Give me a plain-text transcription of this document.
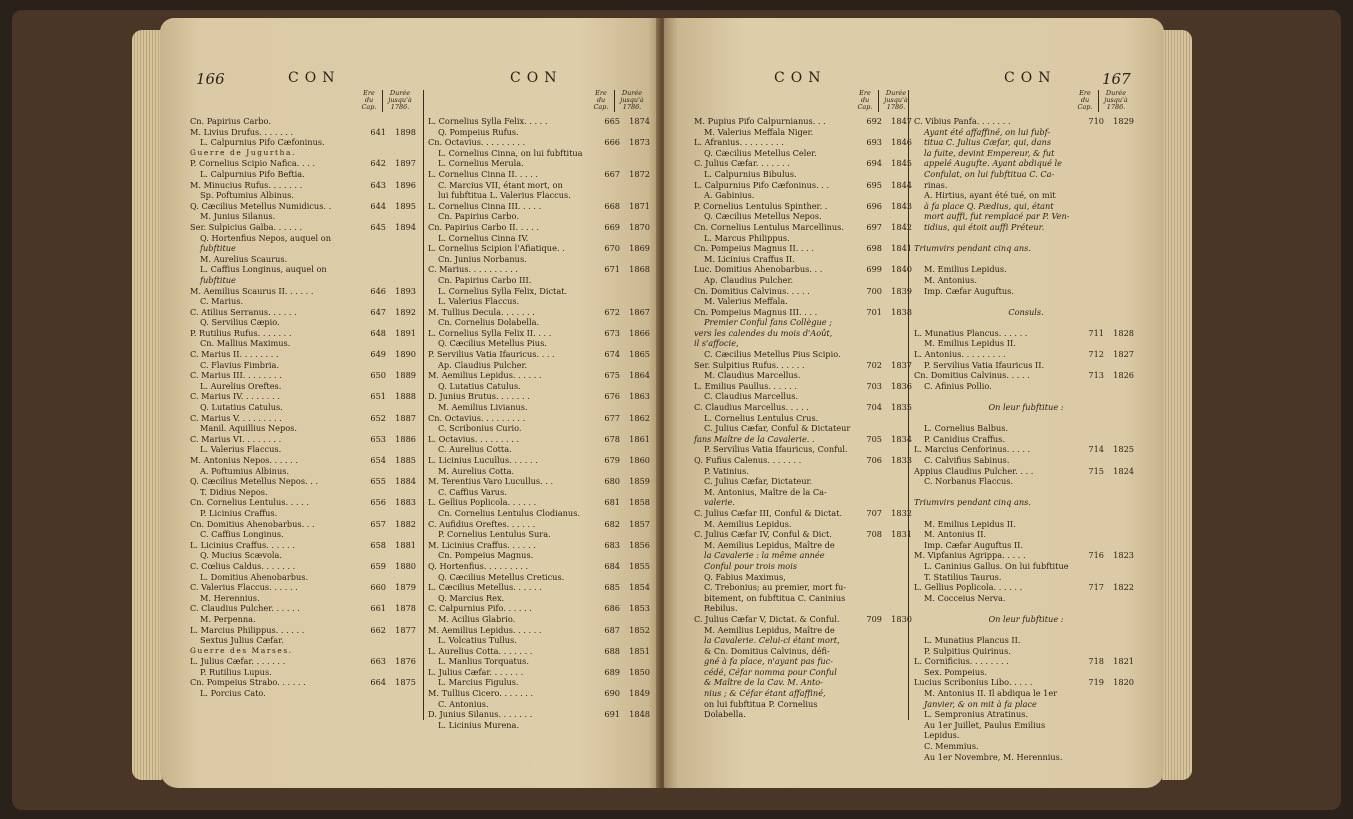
166	CON	CON
Ere du Cap.
Durée jusqu'à 1786.
Cn. Papirius Carbo.
M. Livius Drufus. . . . . . .	641 1898
L. Calpurnius Pifo Cæfoninus.
Guerre de Jugurtha.
P. Cornelius Scipio Nafica. . . .	642 1897
L. Calpurnius Pifo Beftia.
M. Minucius Rufus. . . . . . .	643 1896
Sp. Poftumius Albinus.
Q. Cæcilius Metellus Numidicus. .	644 1895
M. Junius Silanus.
Ser. Sulpicius Galba. . . . . .	645 1894
Q. Hortenfius Nepos, auquel on
fubftitue
M. Aurelius Scaurus.
L. Caffius Longinus, auquel on
fubftitue
M. Aemilius Scaurus II. . . . . .	646 1893
C. Marius.
C. Atilius Serranus. . . . . .	647 1892
Q. Servilius Cæpio.
P. Rutilius Rufus. . . . . . .	648 1891
Cn. Mallius Maximus.
C. Marius II. . . . . . . .	649 1890
C. Flavius Fimbria.
C. Marius III. . . . . . . .	650 1889
L. Aurelius Oreftes.
C. Marius IV. . . . . . . .	651 1888
Q. Lutatius Catulus.
C. Marius V. . . . . . . . .	652 1887
Manil. Aquillius Nepos.
C. Marius VI. . . . . . . .	653 1886
L. Valerius Flaccus.
M. Antonius Nepos. . . . . .	654 1885
A. Poftumius Albinus.
Q. Cæcilius Metellus Nepos. . .	655 1884
T. Didius Nepos.
Cn. Cornelius Lentulus. . . . .	656 1883
P. Licinius Craffus.
Cn. Domitius Ahenobarbus. . .	657 1882
C. Caffius Longinus.
L. Licinius Craffus. . . . . .	658 1881
Q. Mucius Scævola.
C. Cœlius Caldus. . . . . . .	659 1880
L. Domitius Ahenobarbus.
C. Valerius Flaccus. . . . . .	660 1879
M. Herennius.
C. Claudius Pulcher. . . . . .	661 1878
M. Perpenna.
L. Marcius Philippus. . . . . .	662 1877
Sextus Julius Cæfar.
Guerre des Marses.
L. Julius Cæfar. . . . . . .	663 1876
P. Rutilius Lupus.
Cn. Pompeius Strabo. . . . . .	664 1875
L. Porcius Cato.
Ere du Cap.
Durée jusqu'à 1786.
L. Cornelius Sylla Felix. . . . .	665 1874
Q. Pompeius Rufus.
Cn. Octavius. . . . . . . . .	666 1873
L. Cornelius Cinna, on lui fubftitua
L. Cornelius Merula.
L. Cornelius Cinna II. . . . .	667 1872
C. Marcius VII, étant mort, on
lui fubftitua L. Valerius Flaccus.
L. Cornelius Cinna III. . . . .	668 1871
Cn. Papirius Carbo.
Cn. Papirius Carbo II. . . . .	669 1870
L. Cornelius Cinna IV.
L. Cornelius Scipion l'Afiatique. .	670 1869
Cn. Junius Norbanus.
C. Marius. . . . . . . . . .	671 1868
Cn. Papirius Carbo III.
L. Cornelius Sylla Felix, Dictat.
L. Valerius Flaccus.
M. Tullius Decula. . . . . . .	672 1867
Cn. Cornelius Dolabella.
L. Cornelius Sylla Felix II. . . .	673 1866
Q. Cæcilius Metellus Pius.
P. Servilius Vatia Ifauricus. . . .	674 1865
Ap. Claudius Pulcher.
M. Aemilius Lepidus. . . . . .	675 1864
Q. Lutatius Catulus.
D. Junius Brutus. . . . . . .	676 1863
M. Aemilius Livianus.
Cn. Octavius. . . . . . . . .	677 1862
C. Scribonius Curio.
L. Octavius. . . . . . . . .	678 1861
C. Aurelius Cotta.
L. Licinius Lucullus. . . . . .	679 1860
M. Aurelius Cotta.
M. Terentius Varo Lucullus. . .	680 1859
C. Caffius Varus.
L. Gellius Poplicola. . . . . .	681 1858
Cn. Cornelius Lentulus Clodianus.
C. Aufidius Oreftes. . . . . .	682 1857
P. Cornelius Lentulus Sura.
M. Licinius Craffus. . . . . .	683 1856
Cn. Pompeius Magnus.
Q. Hortenfius. . . . . . . . .	684 1855
Q. Cæcilius Metellus Creticus.
L. Cæcilius Metellus. . . . . .	685 1854
Q. Marcius Rex.
C. Calpurnius Pifo. . . . . .	686 1853
M. Acilius Glabrio.
M. Aemilius Lepidus. . . . . .	687 1852
L. Volcatius Tullus.
L. Aurelius Cotta. . . . . . .	688 1851
L. Manlius Torquatus.
L. Julius Cæfar. . . . . . .	689 1850
L. Marcius Figulus.
M. Tullius Cicero. . . . . . .	690 1849
C. Antonius.
D. Junius Silanus. . . . . . .	691 1848
L. Licinius Murena.
CON	CON	167
Ere du Cap.
Durée jusqu'à 1786.
M. Pupius Pifo Calpurnianus. . .	692 1847
M. Valerius Meffala Niger.
L. Afranius. . . . . . . . .	693 1846
Q. Cæcilius Metellus Celer.
C. Julius Cæfar. . . . . . .	694 1845
L. Calpurnius Bibulus.
L. Calpurnius Pifo Cæfoninus. . .	695 1844
A. Gabinius.
P. Cornelius Lentulus Spinther. .	696 1843
Q. Cæcilius Metellus Nepos.
Cn. Cornelius Lentulus Marcellinus.	697 1842
L. Marcus Philippus.
Cn. Pompeius Magnus II. . . .	698 1841
M. Licinius Craffus II.
Luc. Domitius Ahenobarbus. . .	699 1840
Ap. Claudius Pulcher.
Cn. Domitius Calvinus. . . . .	700 1839
M. Valerius Meffala.
Cn. Pompeius Magnus III. . . .	701 1838
Premier Conful fans Collègue ;
vers les calendes du mois d'Août,
il s'affocie,
C. Cæcilius Metellus Pius Scipio.
Ser. Sulpitius Rufus. . . . . .	702 1837
M. Claudius Marcellus.
L. Emilius Paullus. . . . . .	703 1836
C. Claudius Marcellus.
C. Claudius Marcellus. . . . .	704 1835
L. Cornelius Lentulus Crus.
C. Julius Cæfar, Conful & Dictateur
fans Maître de la Cavalerie. .	705 1834
P. Servilius Vatia Ifauricus, Conful.
Q. Fufius Calenus. . . . . . .	706 1833
P. Vatinius.
C. Julius Cæfar, Dictateur.
M. Antonius, Maître de la Ca-
valerie.
C. Julius Cæfar III, Conful & Dictat.	707 1832
M. Aemilius Lepidus.
C. Julius Cæfar IV, Conful & Dict.	708 1831
M. Aemilius Lepidus, Maître de
la Cavalerie : la même année
Conful pour trois mois
Q. Fabius Maximus,
C. Trebonius; au premier, mort fu-
bitement, on fubftitua C. Caninius
Rebilus.
C. Julius Cæfar V, Dictat. & Conful.	709 1830
M. Aemilius Lepidus, Maître de
la Cavalerie. Celui-ci étant mort,
& Cn. Domitius Calvinus, défi-
gné à fa place, n'ayant pas fuc-
cédé, Céfar nomma pour Conful
& Maître de la Cav. M. Anto-
nius ; & Céfar étant affaffiné,
on lui fubftitua P. Cornelius
Dolabella.
Ere du Cap.
Durée jusqu'à 1786.
C. Vibius Panfa. . . . . . .	710 1829
Ayant été affaffiné, on lui fubf-
titua C. Julius Cæfar, qui, dans
la fuite, devint Empereur, & fut
appelé Augufte. Ayant abdiqué le
Confulat, on lui fubftitua C. Ca-
rinas.
A. Hirtius, ayant été tué, on mit
à fa place Q. Pædius, qui, étant
mort auffi, fut remplacé par P. Ven-
tidius, qui étoit auffi Préteur.
Triumvirs pendant cinq ans.
M. Emilius Lepidus.
M. Antonius.
Imp. Cæfar Auguftus.
Consuls.
L. Munatius Plancus. . . . . .	711 1828
M. Emilius Lepidus II.
L. Antonius. . . . . . . . .	712 1827
P. Servilius Vatia Ifauricus II.
Cn. Domitius Calvinus. . . . .	713 1826
C. Afinius Pollio.
On leur fubftitue :
L. Cornelius Balbus.
P. Canidius Craffus.
L. Marcius Cenforinus. . . . .	714 1825
C. Calvifius Sabinus.
Appius Claudius Pulcher. . . .	715 1824
C. Norbanus Flaccus.
Triumvirs pendant cinq ans.
M. Emilius Lepidus II.
M. Antonius II.
Imp. Cæfar Auguftus II.
M. Vipfanius Agrippa. . . . .	716 1823
L. Caninius Gallus. On lui fubftitue
T. Statilius Taurus.
L. Gellius Poplicola. . . . . .	717 1822
M. Cocceius Nerva.
On leur fubftitue :
L. Munatius Plancus II.
P. Sulpitius Quirinus.
L. Cornificius. . . . . . . .	718 1821
Sex. Pompeius.
Lucius Scribonius Libo. . . . .	719 1820
M. Antonius II. Il abdiqua le 1er
Janvier, & on mit à fa place
L. Sempronius Atratinus.
Au 1er Juillet, Paulus Emilius
Lepidus.
C. Memmius.
Au 1er Novembre, M. Herennius.
